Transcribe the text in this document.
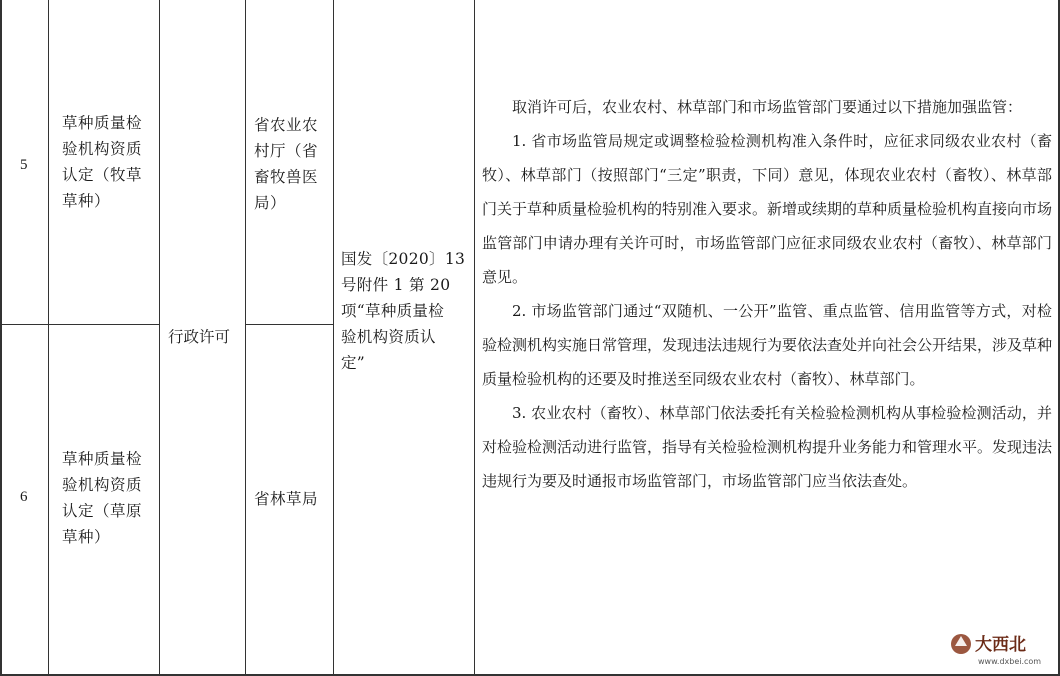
5
草种质量检
验机构资质
认定（牧草
草种）
省农业农
村厅（省
畜牧兽医
局）
6
草种质量检
验机构资质
认定（草原
草种）
省林草局
行政许可
国发〔2020〕13
号附件 1 第 20
项“草种质量检
验机构资质认
定”

取消许可后，农业农村、林草部门和市场监管部门要通过以下措施加强监管：

1. 省市场监管局规定或调整检验检测机构准入条件时，应征求同级农业农村（畜牧）、林草部门（按照部门“三定”职责，下同）意见，体现农业农村（畜牧）、林草部门关于草种质量检验机构的特别准入要求。新增或续期的草种质量检验机构直接向市场监管部门申请办理有关许可时，市场监管部门应征求同级农业农村（畜牧）、林草部门意见。

2. 市场监管部门通过“双随机、一公开”监管、重点监管、信用监管等方式，对检验检测机构实施日常管理，发现违法违规行为要依法查处并向社会公开结果，涉及草种质量检验机构的还要及时推送至同级农业农村（畜牧）、林草部门。

3. 农业农村（畜牧）、林草部门依法委托有关检验检测机构从事检验检测活动，并对检验检测活动进行监管，指导有关检验检测机构提升业务能力和管理水平。发现违法违规行为要及时通报市场监管部门，市场监管部门应当依法查处。

大西北
www.dxbei.com
